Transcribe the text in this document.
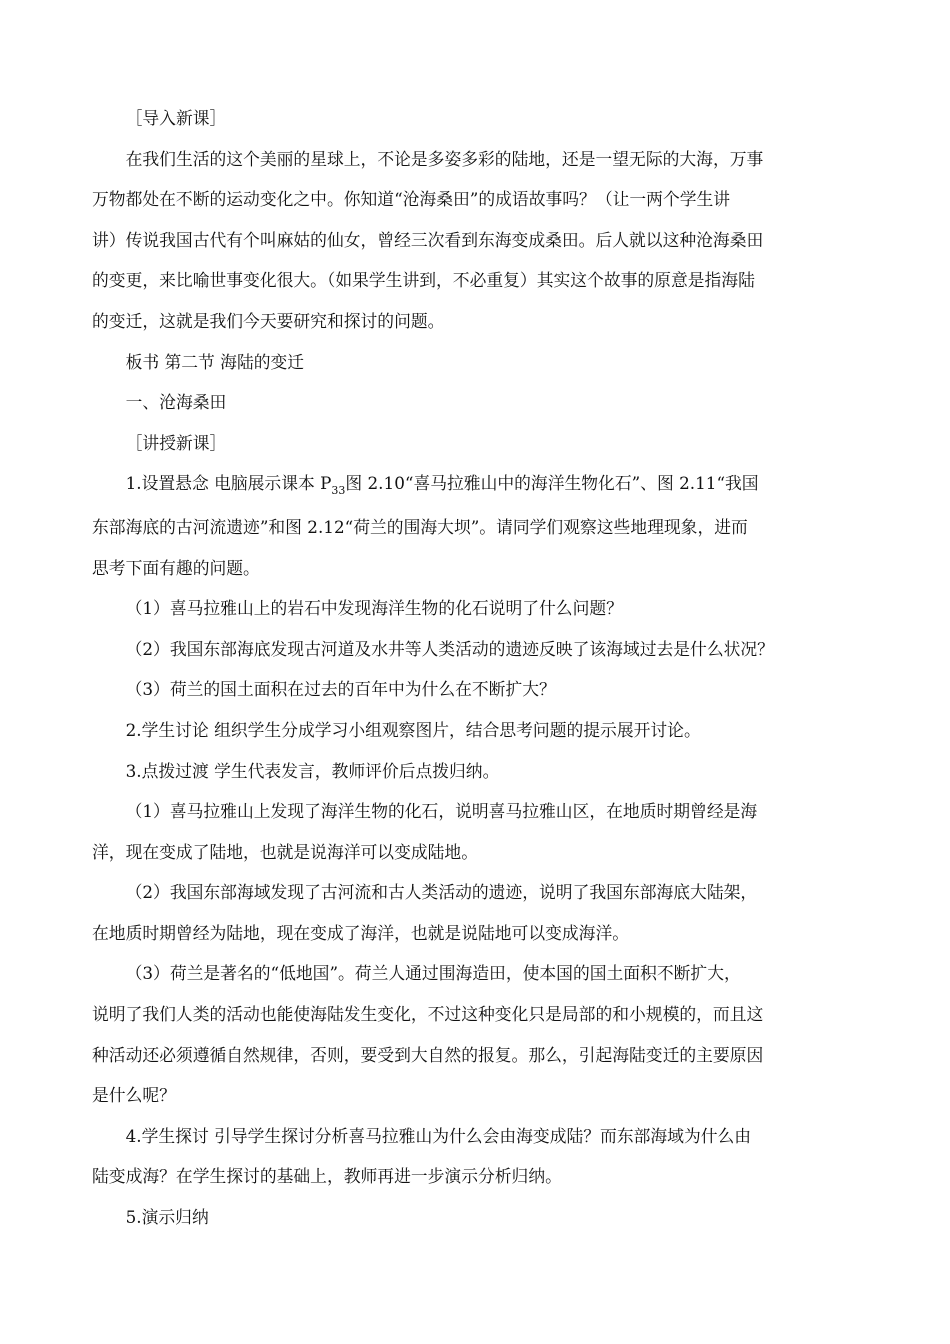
［导入新课］

在我们生活的这个美丽的星球上，不论是多姿多彩的陆地，还是一望无际的大海，万事
万物都处在不断的运动变化之中。你知道“沧海桑田”的成语故事吗？（让一两个学生讲
讲）传说我国古代有个叫麻姑的仙女，曾经三次看到东海变成桑田。后人就以这种沧海桑田
的变更，来比喻世事变化很大。（如果学生讲到，不必重复）其实这个故事的原意是指海陆
的变迁，这就是我们今天要研究和探讨的问题。

板书 第二节 海陆的变迁

一、沧海桑田

［讲授新课］

1.设置悬念 电脑展示课本 $P_{33}$图 2.10“喜马拉雅山中的海洋生物化石”、图 2.11“我国
东部海底的古河流遗迹”和图 2.12“荷兰的围海大坝”。请同学们观察这些地理现象，进而
思考下面有趣的问题。

（1）喜马拉雅山上的岩石中发现海洋生物的化石说明了什么问题？

（2）我国东部海底发现古河道及水井等人类活动的遗迹反映了该海域过去是什么状况？

（3）荷兰的国土面积在过去的百年中为什么在不断扩大？

2.学生讨论 组织学生分成学习小组观察图片，结合思考问题的提示展开讨论。

3.点拨过渡 学生代表发言，教师评价后点拨归纳。

（1）喜马拉雅山上发现了海洋生物的化石，说明喜马拉雅山区，在地质时期曾经是海
洋，现在变成了陆地，也就是说海洋可以变成陆地。

（2）我国东部海域发现了古河流和古人类活动的遗迹，说明了我国东部海底大陆架，
在地质时期曾经为陆地，现在变成了海洋，也就是说陆地可以变成海洋。

（3）荷兰是著名的“低地国”。荷兰人通过围海造田，使本国的国土面积不断扩大，
说明了我们人类的活动也能使海陆发生变化，不过这种变化只是局部的和小规模的，而且这
种活动还必须遵循自然规律，否则，要受到大自然的报复。那么，引起海陆变迁的主要原因
是什么呢？

4.学生探讨 引导学生探讨分析喜马拉雅山为什么会由海变成陆？而东部海域为什么由
陆变成海？在学生探讨的基础上，教师再进一步演示分析归纳。

5.演示归纳
